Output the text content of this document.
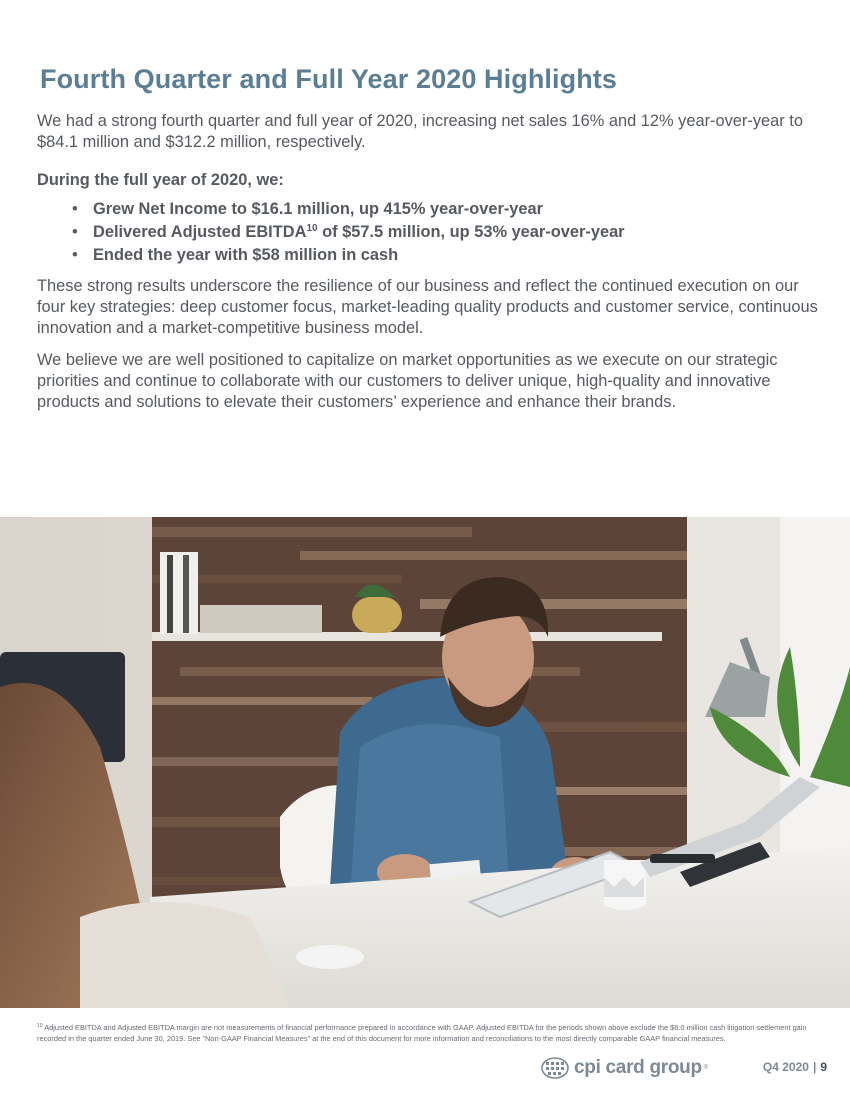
Fourth Quarter and Full Year 2020 Highlights

We had a strong fourth quarter and full year of 2020, increasing net sales 16% and 12% year-over-year to $84.1 million and $312.2 million, respectively.

During the full year of 2020, we:

• Grew Net Income to $16.1 million, up 415% year-over-year
• Delivered Adjusted EBITDA$^{10}$ of $57.5 million, up 53% year-over-year
• Ended the year with $58 million in cash

These strong results underscore the resilience of our business and reflect the continued execution on our four key strategies: deep customer focus, market-leading quality products and customer service, continuous innovation and a market-competitive business model.

We believe we are well positioned to capitalize on market opportunities as we execute on our strategic priorities and continue to collaborate with our customers to deliver unique, high-quality and innovative products and solutions to elevate their customers’ experience and enhance their brands.

$^{10}$ Adjusted EBITDA and Adjusted EBITDA margin are not measurements of financial performance prepared in accordance with GAAP. Adjusted EBITDA for the periods shown above exclude the $6.0 million cash litigation settlement gain recorded in the quarter ended June 30, 2019. See “Non-GAAP Financial Measures” at the end of this document for more information and reconciliations to the most directly comparable GAAP financial measures.

cpi card group ®	Q4 2020 | 9
